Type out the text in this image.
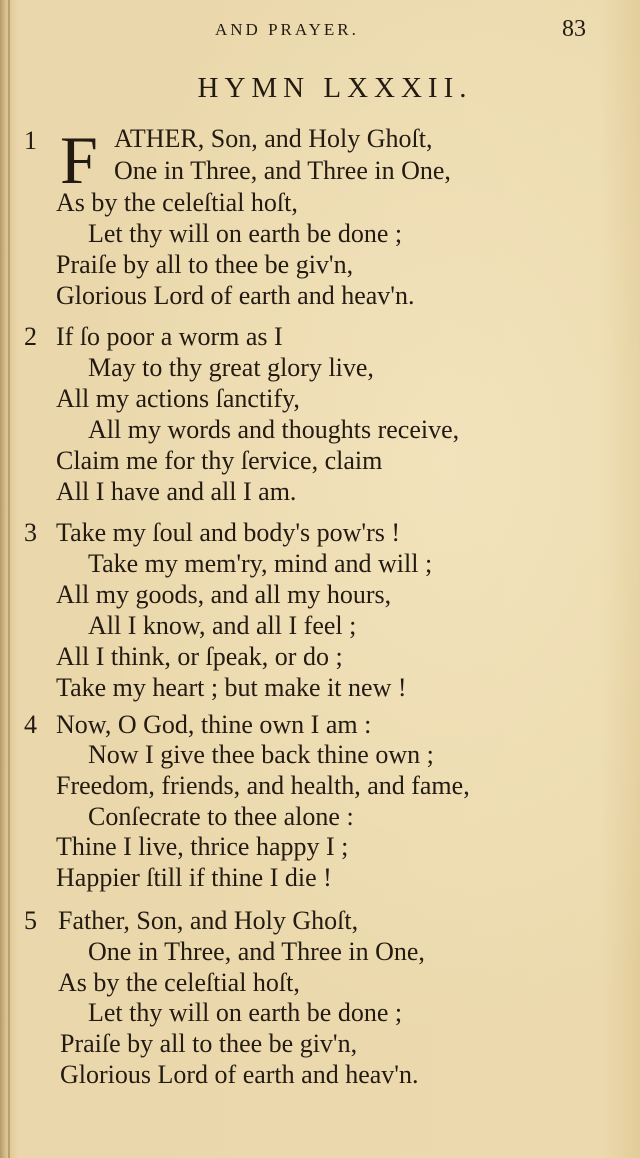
AND PRAYER.	83
HYMN LXXXII.
F
1	ATHER, Son, and Holy Ghoſt,
One in Three, and Three in One,
As by the celeſtial hoſt,
Let thy will on earth be done ;
Praiſe by all to thee be giv'n,
Glorious Lord of earth and heav'n.
2 If ſo poor a worm as I
May to thy great glory live,
All my actions ſanctify,
All my words and thoughts receive,
Claim me for thy ſervice, claim
All I have and all I am.
3 Take my ſoul and body's pow'rs !
Take my mem'ry, mind and will ;
All my goods, and all my hours,
All I know, and all I feel ;
All I think, or ſpeak, or do ;
Take my heart ; but make it new !
4 Now, O God, thine own I am :
Now I give thee back thine own ;
Freedom, friends, and health, and fame,
Conſecrate to thee alone :
Thine I live, thrice happy I ;
Happier ſtill if thine I die !
5 Father, Son, and Holy Ghoſt,
One in Three, and Three in One,
As by the celeſtial hoſt,
Let thy will on earth be done ;
Praiſe by all to thee be giv'n,
Glorious Lord of earth and heav'n.
